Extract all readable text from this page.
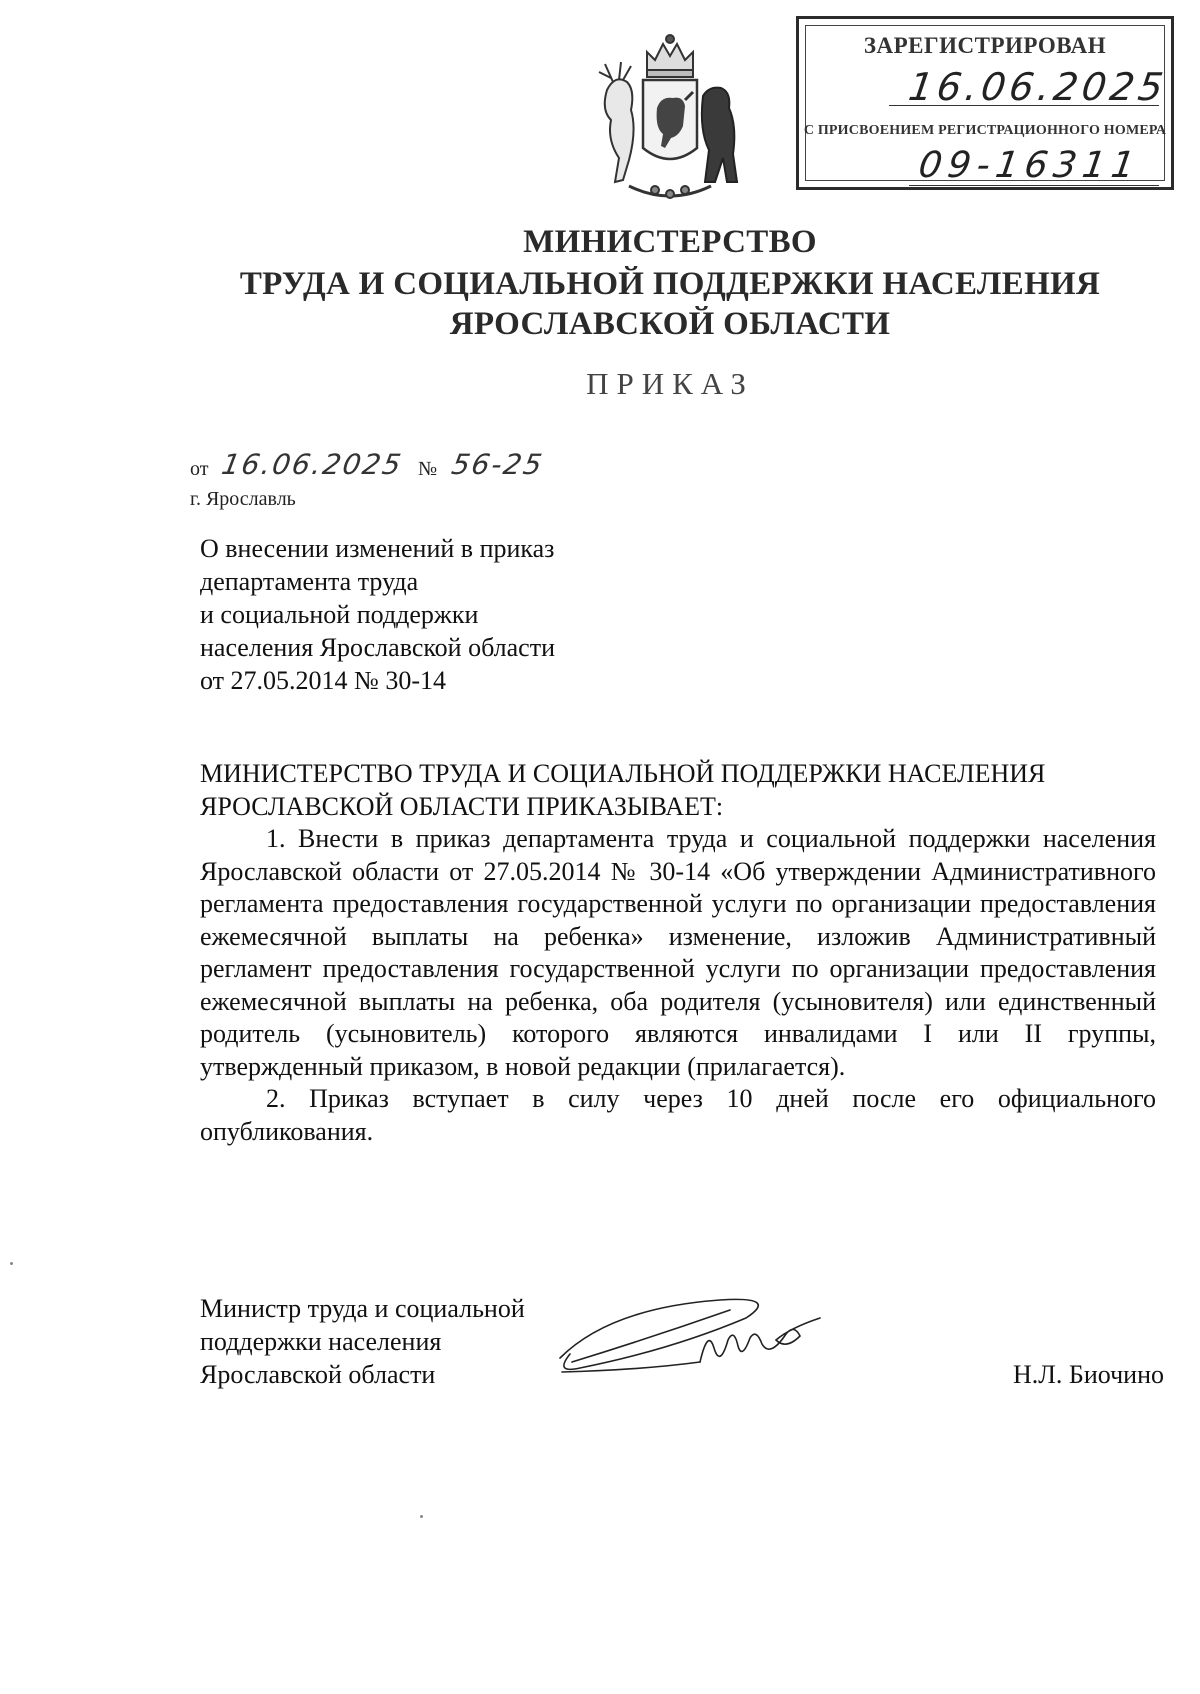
ЗАРЕГИСТРИРОВАН
16.06.2025
С ПРИСВОЕНИЕМ РЕГИСТРАЦИОННОГО НОМЕРА
09-16311
МИНИСТЕРСТВО
ТРУДА И СОЦИАЛЬНОЙ ПОДДЕРЖКИ НАСЕЛЕНИЯ
ЯРОСЛАВСКОЙ ОБЛАСТИ
ПРИКАЗ
от 16.06.2025 № 56-25
г. Ярославль
О внесении изменений в приказ
департамента труда
и социальной поддержки
населения Ярославской области
от 27.05.2014 № 30-14
МИНИСТЕРСТВО ТРУДА И СОЦИАЛЬНОЙ ПОДДЕРЖКИ НАСЕЛЕНИЯ
ЯРОСЛАВСКОЙ ОБЛАСТИ ПРИКАЗЫВАЕТ:

1. Внести в приказ департамента труда и социальной поддержки населения Ярославской области от 27.05.2014 № 30-14 «Об утверждении Административного регламента предоставления государственной услуги по организации предоставления ежемесячной выплаты на ребенка» изменение, изложив Административный регламент предоставления государственной услуги по организации предоставления ежемесячной выплаты на ребенка, оба родителя (усыновителя) или единственный родитель (усыновитель) которого являются инвалидами I или II группы, утвержденный приказом, в новой редакции (прилагается).

2. Приказ вступает в силу через 10 дней после его официального опубликования.

Министр труда и социальной
поддержки населения
Ярославской области	Н.Л. Биочино
